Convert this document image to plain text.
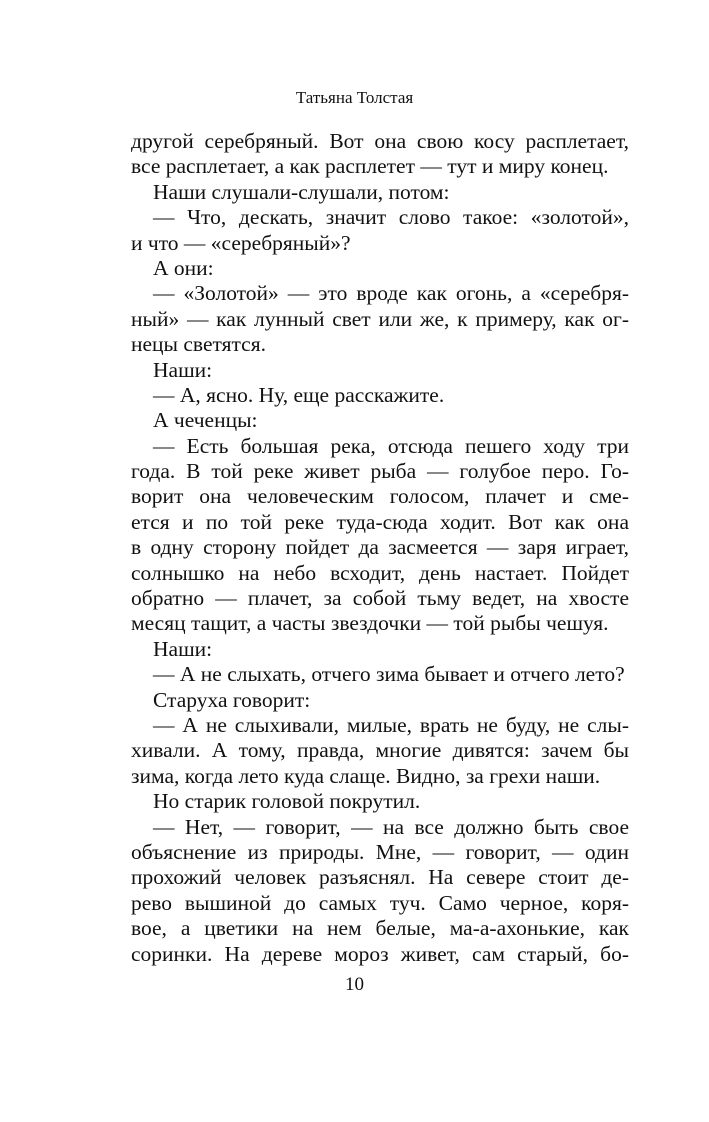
Татьяна Толстая
другой серебряный. Вот она свою косу расплетает,
все расплетает, а как расплетет — тут и миру конец.
Наши слушали-слушали, потом:
— Что, дескать, значит слово такое: «золотой»,
и что — «серебряный»?
А они:
— «Золотой» — это вроде как огонь, а «серебря-
ный» — как лунный свет или же, к примеру, как ог-
нецы светятся.
Наши:
— А, ясно. Ну, еще расскажите.
А чеченцы:
— Есть большая река, отсюда пешего ходу три
года. В той реке живет рыба — голубое перо. Го-
ворит она человеческим голосом, плачет и сме-
ется и по той реке туда-сюда ходит. Вот как она
в одну сторону пойдет да засмеется — заря играет,
солнышко на небо всходит, день настает. Пойдет
обратно — плачет, за собой тьму ведет, на хвосте
месяц тащит, а часты звездочки — той рыбы чешуя.
Наши:
— А не слыхать, отчего зима бывает и отчего лето?
Старуха говорит:
— А не слыхивали, милые, врать не буду, не слы-
хивали. А тому, правда, многие дивятся: зачем бы
зима, когда лето куда слаще. Видно, за грехи наши.
Но старик головой покрутил.
— Нет, — говорит, — на все должно быть свое
объяснение из природы. Мне, — говорит, — один
прохожий человек разъяснял. На севере стоит де-
рево вышиной до самых туч. Само черное, коря-
вое, а цветики на нем белые, ма-а-ахонькие, как
соринки. На дереве мороз живет, сам старый, бо-
10
